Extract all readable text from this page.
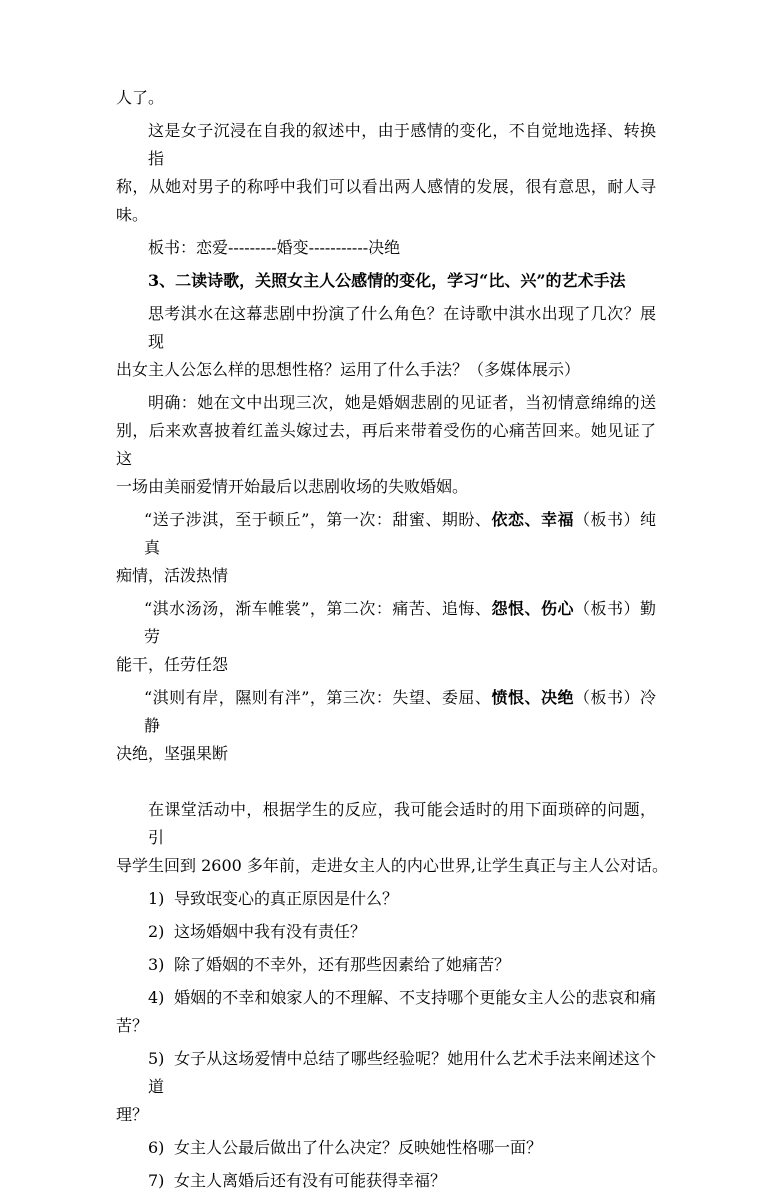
人了。

这是女子沉浸在自我的叙述中，由于感情的变化，不自觉地选择、转换指

称，从她对男子的称呼中我们可以看出两人感情的发展，很有意思，耐人寻

味。

板书：恋爱---------婚变-----------决绝

3、二读诗歌，关照女主人公感情的变化，学习“比、兴”的艺术手法

思考淇水在这幕悲剧中扮演了什么角色？在诗歌中淇水出现了几次？展现

出女主人公怎么样的思想性格？运用了什么手法？（多媒体展示）

明确：她在文中出现三次，她是婚姻悲剧的见证者，当初情意绵绵的送

别，后来欢喜披着红盖头嫁过去，再后来带着受伤的心痛苦回来。她见证了这

一场由美丽爱情开始最后以悲剧收场的失败婚姻。

“送子涉淇，至于顿丘”，第一次：甜蜜、期盼、依恋、幸福（板书）纯真

痴情，活泼热情

“淇水汤汤，渐车帷裳”，第二次：痛苦、追悔、怨恨、伤心（板书）勤劳

能干，任劳任怨

“淇则有岸，隰则有泮”，第三次：失望、委屈、愤恨、决绝（板书）冷静

决绝，坚强果断

在课堂活动中，根据学生的反应，我可能会适时的用下面琐碎的问题，引

导学生回到 2600 多年前，走进女主人的内心世界,让学生真正与主人公对话。

1) 导致氓变心的真正原因是什么？

2) 这场婚姻中我有没有责任？

3) 除了婚姻的不幸外，还有那些因素给了她痛苦？

4) 婚姻的不幸和娘家人的不理解、不支持哪个更能女主人公的悲哀和痛

苦？

5) 女子从这场爱情中总结了哪些经验呢？她用什么艺术手法来阐述这个道

理？

6) 女主人公最后做出了什么决定？反映她性格哪一面？

7) 女主人离婚后还有没有可能获得幸福？
